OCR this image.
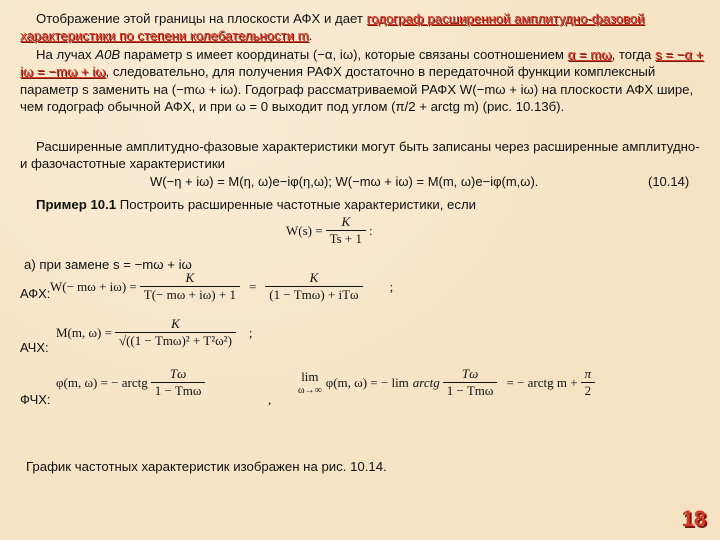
Отображение этой границы на плоскости АФХ и дает годограф расширенной амплитудно-фазовой характеристики по степени колебательности m.

На лучах A0B параметр s имеет координаты (−α, iω), которые связаны соотношением α = mω, тогда s = −α + iω = −mω + iω, следовательно, для получения РАФХ достаточно в передаточной функции комплексный параметр s заменить на (−mω + iω). Годограф рассматриваемой РАФХ W(−mω + iω) на плоскости АФХ шире, чем годограф обычной АФХ, и при ω = 0 выходит под углом (π/2 + arctg m) (рис. 10.13б).

Расширенные амплитудно-фазовые характеристики могут быть записаны через расширенные амплитудно- и фазочастотные характеристики

W(−η + iω) = M(η, ω)e−iφ(η,ω); W(−mω + iω) = M(m, ω)e−iφ(m,ω).	(10.14)

Пример 10.1 Построить расширенные частотные характеристики, если

$W(s) = \frac{K}{Ts + 1}$ :
а) при замене s = −mω + iω
АФХ: $W(- m\omega + i\omega) = \frac{K}{T(- m\omega + i\omega) + 1} = \frac{K}{\text{(1 − Tmω) + iTω}}$ ;
АЧХ:
M(m, $\omega) = \frac{K}{\text{√((1 − Tmω)² + T²ω²)}}$ ;
ФЧХ:
φ(m, ω) = − arctg $\frac{T\omega}{\text{1 − Tmω}}$
,
lim
ω→∞
φ(m, ω) = − lim arctg $\frac{T\omega}{\text{1 − Tmω}}$ = − arctg $m + \frac{\pi}{2}$
График частотных характеристик изображен на рис. 10.14.
18
